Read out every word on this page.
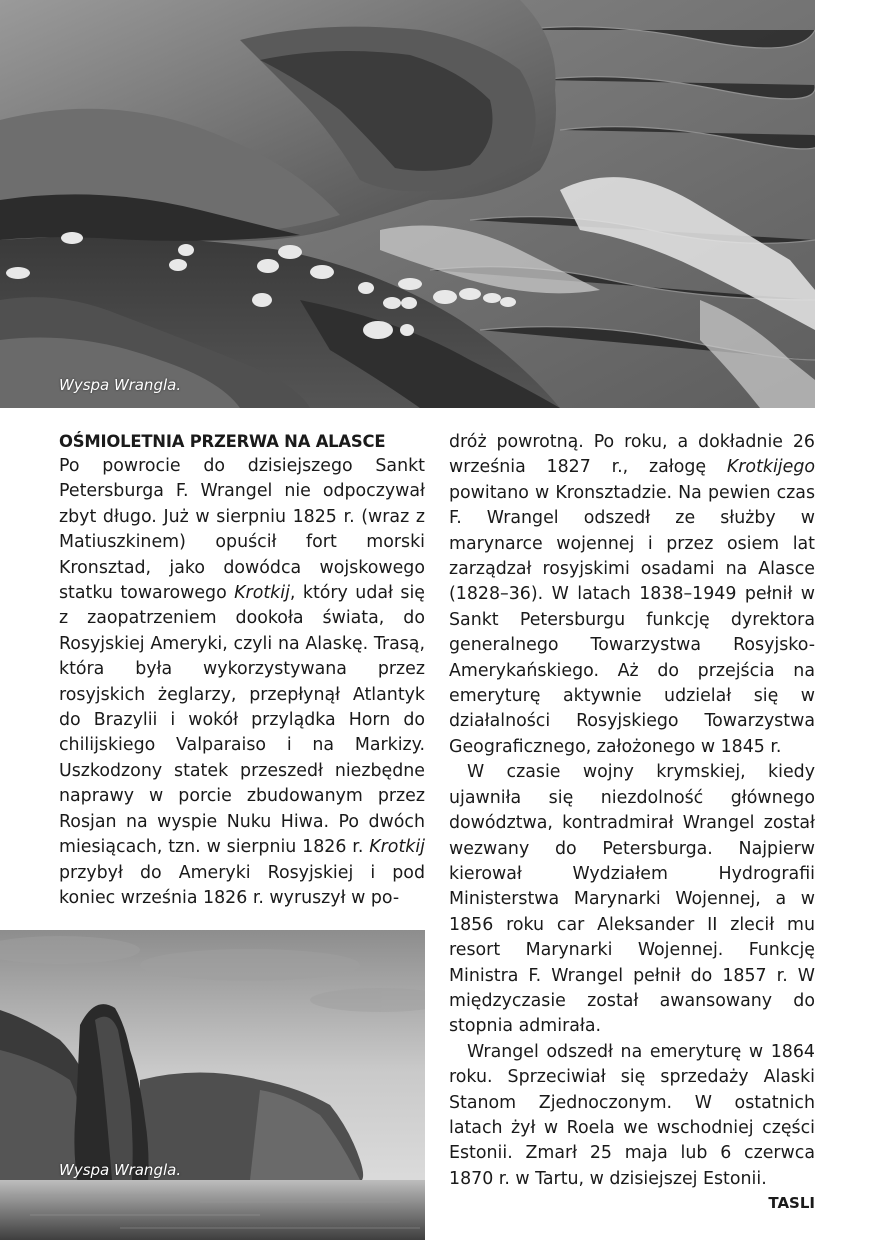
Wyspa Wrangla.
OŚMIOLETNIA PRZERWA NA ALASCE

Po powrocie do dzisiejszego Sankt Petersburga F. Wrangel nie odpoczywał zbyt długo. Już w sierpniu 1825 r. (wraz z Matiuszkinem) opuścił fort morski Kronsztad, jako dowódca wojskowego statku towarowego Krotkij, który udał się z zaopatrzeniem dookoła świata, do Rosyjskiej Ameryki, czyli na Alaskę. Trasą, która była wykorzystywana przez rosyjskich żeglarzy, przepłynął Atlantyk do Brazylii i wokół przylądka Horn do chilijskiego Valparaiso i na Markizy. Uszkodzony statek przeszedł niezbędne naprawy w porcie zbudowanym przez Rosjan na wyspie Nuku Hiwa. Po dwóch miesiącach, tzn. w sierpniu 1826 r. Krotkij przybył do Ameryki Rosyjskiej i pod koniec września 1826 r. wyruszył w po-

dróż powrotną. Po roku, a dokładnie 26 września 1827 r., załogę Krotkijego powitano w Kronsztadzie. Na pewien czas F. Wrangel odszedł ze służby w marynarce wojennej i przez osiem lat zarządzał rosyjskimi osadami na Alasce (1828–36). W latach 1838–1949 pełnił w Sankt Petersburgu funkcję dyrektora generalnego Towarzystwa Rosyjsko-Amerykańskiego. Aż do przejścia na emeryturę aktywnie udzielał się w działalności Rosyjskiego Towarzystwa Geograficznego, założonego w 1845 r.

W czasie wojny krymskiej, kiedy ujawniła się niezdolność głównego dowództwa, kontradmirał Wrangel został wezwany do Petersburga. Najpierw kierował Wydziałem Hydrografii Ministerstwa Marynarki Wojennej, a w 1856 roku car Aleksander II zlecił mu resort Marynarki Wojennej. Funkcję Ministra F. Wrangel pełnił do 1857 r. W międzyczasie został awansowany do stopnia admirała.

Wrangel odszedł na emeryturę w 1864 roku. Sprzeciwiał się sprzedaży Alaski Stanom Zjednoczonym. W ostatnich latach żył w Roela we wschodniej części Estonii. Zmarł 25 maja lub 6 czerwca 1870 r. w Tartu, w dzisiejszej Estonii.

TASLI

Wyspa Wrangla.
